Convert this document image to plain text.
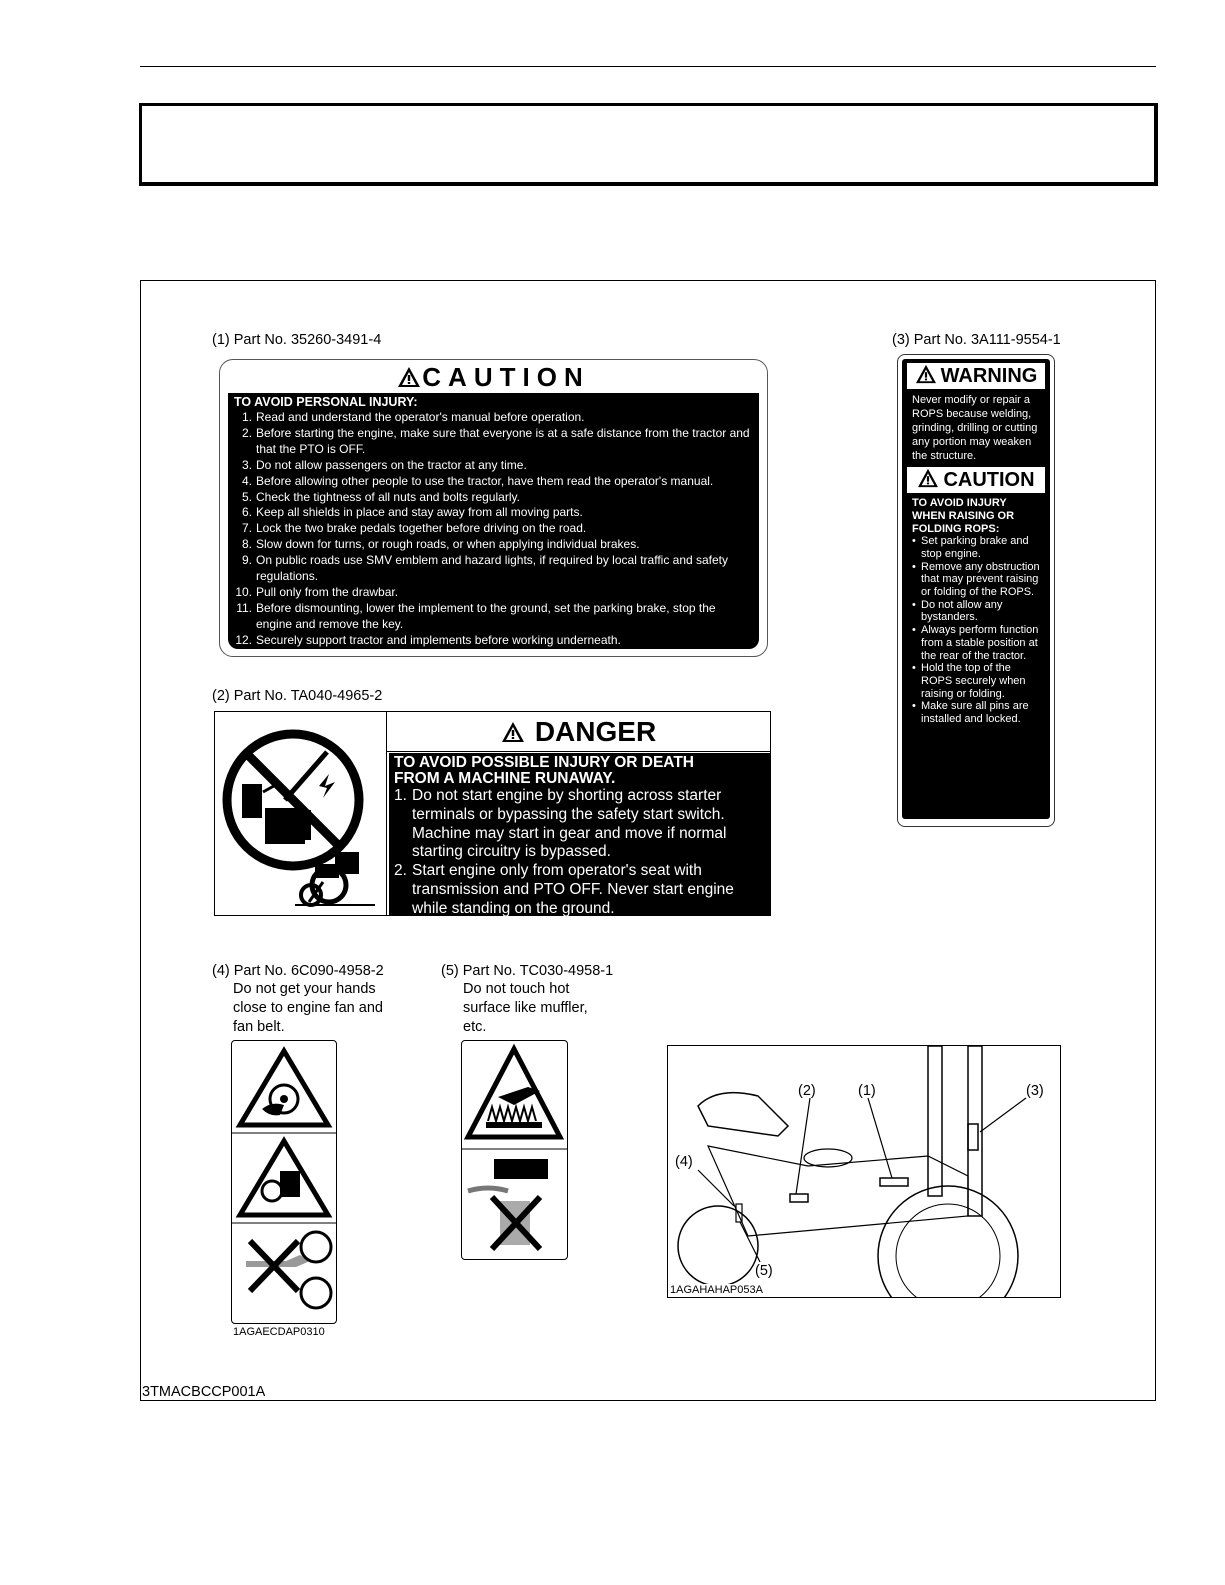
(1) Part No. 35260-3491-4	(3) Part No. 3A111-9554-1
(2) Part No. TA040-4965-2
CAUTION
TO AVOID PERSONAL INJURY:
1. Read and understand the operator's manual before operation.
2. Before starting the engine, make sure that everyone is at a safe distance from the tractor and that the PTO is OFF.
3. Do not allow passengers on the tractor at any time.
4. Before allowing other people to use the tractor, have them read the operator's manual.
5. Check the tightness of all nuts and bolts regularly.
6. Keep all shields in place and stay away from all moving parts.
7. Lock the two brake pedals together before driving on the road.
8. Slow down for turns, or rough roads, or when applying individual brakes.
9. On public roads use SMV emblem and hazard lights, if required by local traffic and safety regulations.
10. Pull only from the drawbar.
11. Before dismounting, lower the implement to the ground, set the parking brake, stop the engine and remove the key.
12. Securely support tractor and implements before working underneath.
DANGER
TO AVOID POSSIBLE INJURY OR DEATH
FROM A MACHINE RUNAWAY.
1. Do not start engine by shorting across starter terminals or bypassing the safety start switch. Machine may start in gear and move if normal starting circuitry is bypassed.
2. Start engine only from operator's seat with transmission and PTO OFF. Never start engine while standing on the ground.
WARNING
Never modify or repair a ROPS because welding, grinding, drilling or cutting any portion may weaken the structure.
CAUTION
TO AVOID INJURY WHEN RAISING OR FOLDING ROPS:
• Set parking brake and stop engine.
• Remove any obstruction that may prevent raising or folding of the ROPS.
• Do not allow any bystanders.
• Always perform function from a stable position at the rear of the tractor.
• Hold the top of the ROPS securely when raising or folding.
• Make sure all pins are installed and locked.
(4) Part No. 6C090-4958-2
Do not get your hands close to engine fan and fan belt.
(5) Part No. TC030-4958-1
Do not touch hot surface like muffler, etc.
1AGAECDAP0310
(2)	(1)	(3)
(4)
(5)
1AGAHAHAP053A
3TMACBCCP001A
